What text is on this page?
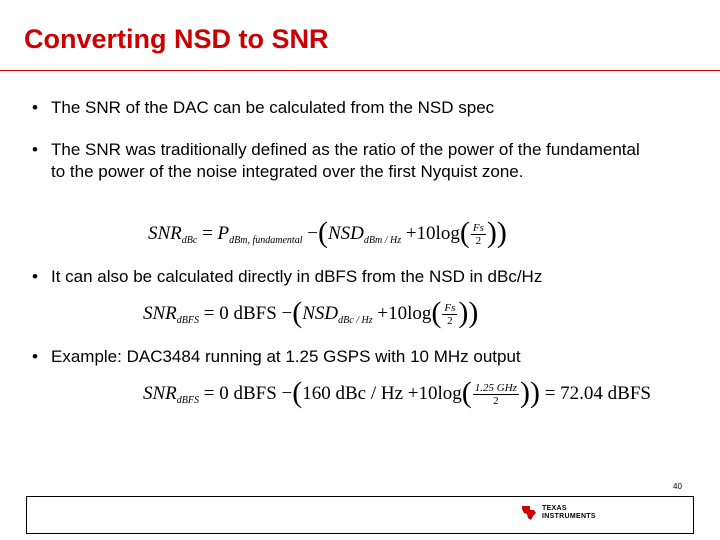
Converting NSD to SNR
• The SNR of the DAC can be calculated from the NSD spec
• The SNR was traditionally defined as the ratio of the power of the fundamental to the power of the noise integrated over the first Nyquist zone.
$SNR_{dBc} = P_{dBm, fundamental} -(NSD_{dBm / Hz} +10\log( \frac{Fs}{2}$ ))
• It can also be calculated directly in dBFS from the NSD in dBc/Hz
$SNR_{dBFS} = 0$ dBFS $-(NSD_{dBc / Hz} +10\log( \frac{Fs}{2}$ ))
• Example: DAC3484 running at 1.25 GSPS with 10 MHz output
$SNR_{dBFS} = 0$ dBFS −(160 dBc / $Hz +10\log( \frac{\text{1.25 GHz}}{2}$ )) = 72.04 dBFS
40
TEXAS
INSTRUMENTS
